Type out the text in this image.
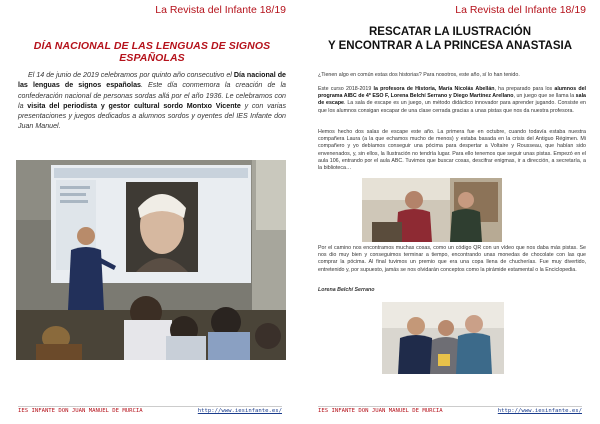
La Revista del Infante 18/19
DÍA NACIONAL DE LAS LENGUAS DE SIGNOS ESPAÑOLAS
El 14 de junio de 2019 celebramos por quinto año consecutivo el Día nacional de las lenguas de signos españolas. Este día conmemora la creación de la confederación nacional de personas sordas allá por el año 1936. Le celebramos con la visita del periodista y gestor cultural sordo Montxo Vicente y con varias presentaciones y juegos dedicados a alumnos sordos y oyentes del IES Infante don Juan Manuel.
IES INFANTE DON JUAN MANUEL DE MURCIA	http://www.iesinfante.es/
La Revista del Infante 18/19
IES INFANTE DON JUAN MANUEL DE MURCIA	http://www.iesinfante.es/
RESCATAR LA ILUSTRACIÓN
Y ENCONTRAR A LA PRINCESA ANASTASIA
¿Tienen algo en común estas dos historias? Para nosotros, este año, sí lo han tenido.
Este curso 2018-2019 la profesora de Historia, María Nicolás Abellán, ha preparado para los alumnos del programa AIBC de 4º ESO F, Lorena Belchí Serrano y Diego Martínez Arellano, un juego que se llama la sala de escape. La sala de escape es un juego, un método didáctico innovador para aprender jugando. Consiste en que los alumnos consigan escapar de una clase cerrada gracias a unas pistas que nos da nuestra profesora.
Hemos hecho dos salas de escape este año. La primera fue en octubre, cuando todavía estaba nuestra compañera Laura (a la que echamos mucho de menos) y estaba basada en la crisis del Antiguo Régimen. Mi compañero y yo debíamos conseguir una pócima para despertar a Voltaire y Rousseau, que habían sido envenenados, y, sin ellos, la Ilustración no tendría lugar. Para ello tenemos que seguir unas pistas. Empezó en el aula 106, entrando por el aula ABC. Tuvimos que buscar cosas, descifrar enigmas, ir a dirección, a secretaría, a la biblioteca…
Por el camino nos encontramos muchas cosas, como un código QR con un vídeo que nos daba más pistas. Se nos dio muy bien y conseguimos terminar a tiempo, encontrando unas monedas de chocolate con las que comprar la pócima. Al final tuvimos un premio que era una copa llena de chucherías. Fue muy divertido, entretenido y, por supuesto, jamás se nos olvidarán conceptos como la pirámide estamental o la Enciclopedia.
Lorena Belchí Serrano
